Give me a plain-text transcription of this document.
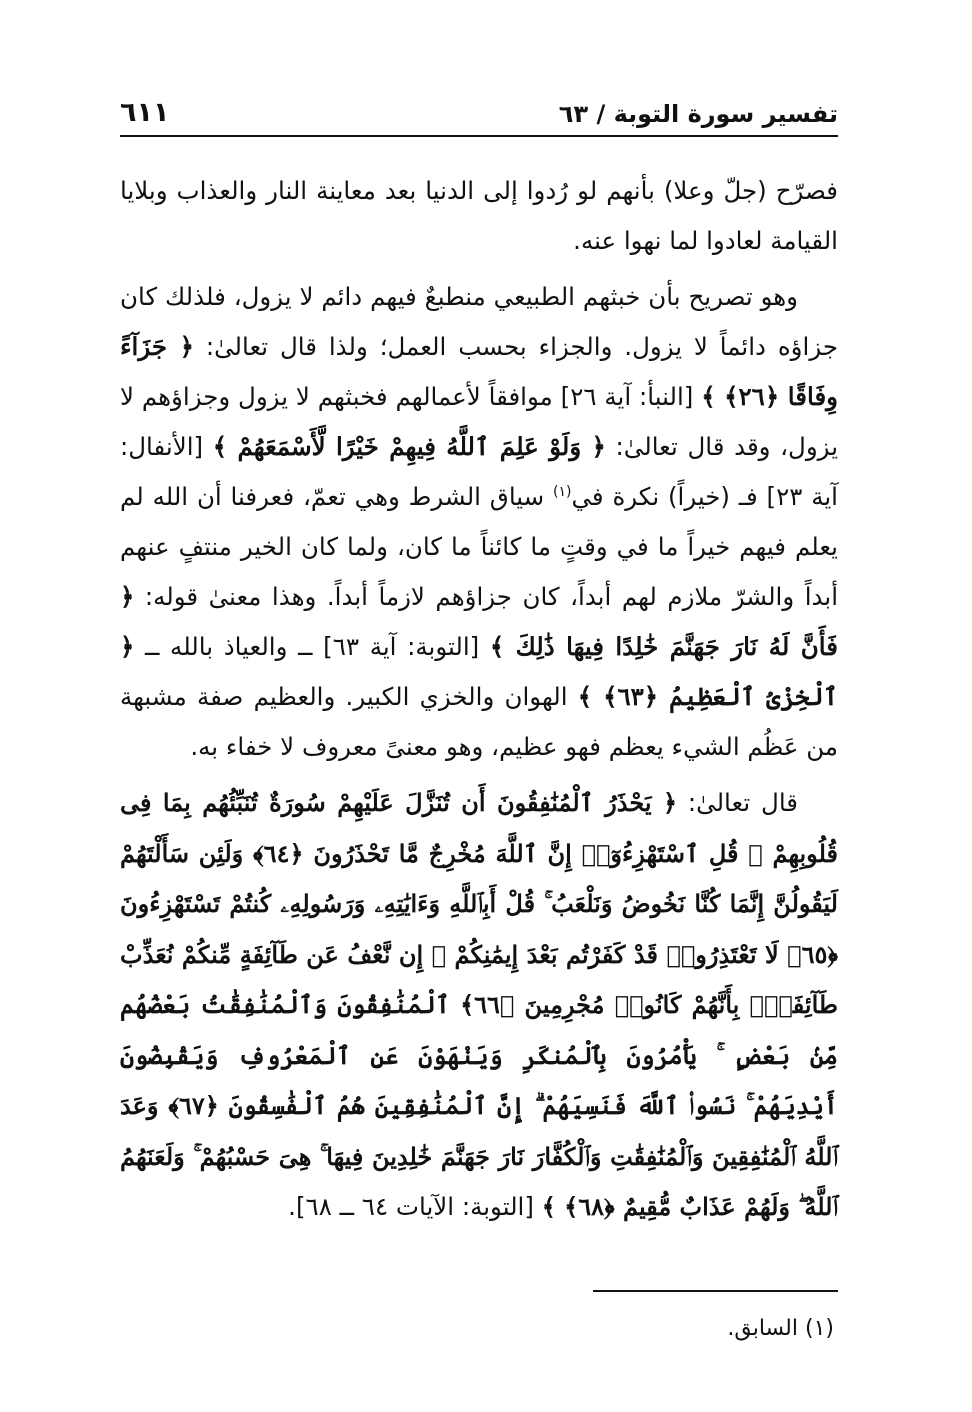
تفسير سورة التوبة / ٦٣
٦١١

فصرّح (جلّ وعلا) بأنهم لو رُدوا إلى الدنيا بعد معاينة النار والعذاب وبلايا القيامة لعادوا لما نهوا عنه.

وهو تصريح بأن خبثهم الطبيعي منطبعٌ فيهم دائم لا يزول، فلذلك كان جزاؤه دائماً لا يزول. والجزاء بحسب العمل؛ ولذا قال تعالىٰ: ﴿ جَزَآءً وِفَاقًا ﴿٢٦﴾ ﴾ [النبأ: آية ٢٦] موافقاً لأعمالهم فخبثهم لا يزول وجزاؤهم لا يزول، وقد قال تعالىٰ: ﴿ وَلَوْ عَلِمَ ٱللَّهُ فِيهِمْ خَيْرًا لَّأَسْمَعَهُمْ ﴾ [الأنفال: آية ٢٣] فـ (خيراً) نكرة في$^{(١)}$ سياق الشرط وهي تعمّ، فعرفنا أن الله لم يعلم فيهم خيراً ما في وقتٍ ما كائناً ما كان، ولما كان الخير منتفٍ عنهم أبداً والشرّ ملازم لهم أبداً، كان جزاؤهم لازماً أبداً. وهذا معنىٰ قوله: ﴿ فَأَنَّ لَهُ نَارَ جَهَنَّمَ خَٰلِدًا فِيهَا ذَٰلِكَ ﴾ [التوبة: آية ٦٣] ــ والعياذ بالله ــ ﴿ ٱلْخِزْىُ ٱلْعَظِيمُ ﴿٦٣﴾ ﴾ الهوان والخزي الكبير. والعظيم صفة مشبهة من عَظُم الشيء يعظم فهو عظيم، وهو معنىً معروف لا خفاء به.

قال تعالىٰ: ﴿ يَحْذَرُ ٱلْمُنَٰفِقُونَ أَن تُنَزَّلَ عَلَيْهِمْ سُورَةٌ تُنَبِّئُهُم بِمَا فِى قُلُوبِهِمْ ۚ قُلِ ٱسْتَهْزِءُوٓا۟ إِنَّ ٱللَّهَ مُخْرِجٌ مَّا تَحْذَرُونَ ﴿٦٤﴾ وَلَئِن سَأَلْتَهُمْ لَيَقُولُنَّ إِنَّمَا كُنَّا نَخُوضُ وَنَلْعَبُ ۚ قُلْ أَبِٱللَّهِ وَءَايَٰتِهِۦ وَرَسُولِهِۦ كُنتُمْ تَسْتَهْزِءُونَ ﴿٦٥﴾ لَا تَعْتَذِرُوا۟ قَدْ كَفَرْتُم بَعْدَ إِيمَٰنِكُمْ ۚ إِن نَّعْفُ عَن طَآئِفَةٍ مِّنكُمْ نُعَذِّبْ طَآئِفَةًۢ بِأَنَّهُمْ كَانُوا۟ مُجْرِمِينَ ﴿٦٦﴾ ٱلْمُنَٰفِقُونَ وَٱلْمُنَٰفِقَٰتُ بَعْضُهُم مِّنۢ بَعْضٍ ۚ يَأْمُرُونَ بِٱلْمُنكَرِ وَيَنْهَوْنَ عَنِ ٱلْمَعْرُوفِ وَيَقْبِضُونَ أَيْدِيَهُمْ ۚ نَسُوا۟ ٱللَّهَ فَنَسِيَهُمْ ۗ إِنَّ ٱلْمُنَٰفِقِينَ هُمُ ٱلْفَٰسِقُونَ ﴿٦٧﴾ وَعَدَ ٱللَّهُ ٱلْمُنَٰفِقِينَ وَٱلْمُنَٰفِقَٰتِ وَٱلْكُفَّارَ نَارَ جَهَنَّمَ خَٰلِدِينَ فِيهَا ۚ هِىَ حَسْبُهُمْ ۚ وَلَعَنَهُمُ ٱللَّهُ ۖ وَلَهُمْ عَذَابٌ مُّقِيمٌ ﴿٦٨﴾ ﴾ [التوبة: الآيات ٦٤ ــ ٦٨].

(١) السابق.
